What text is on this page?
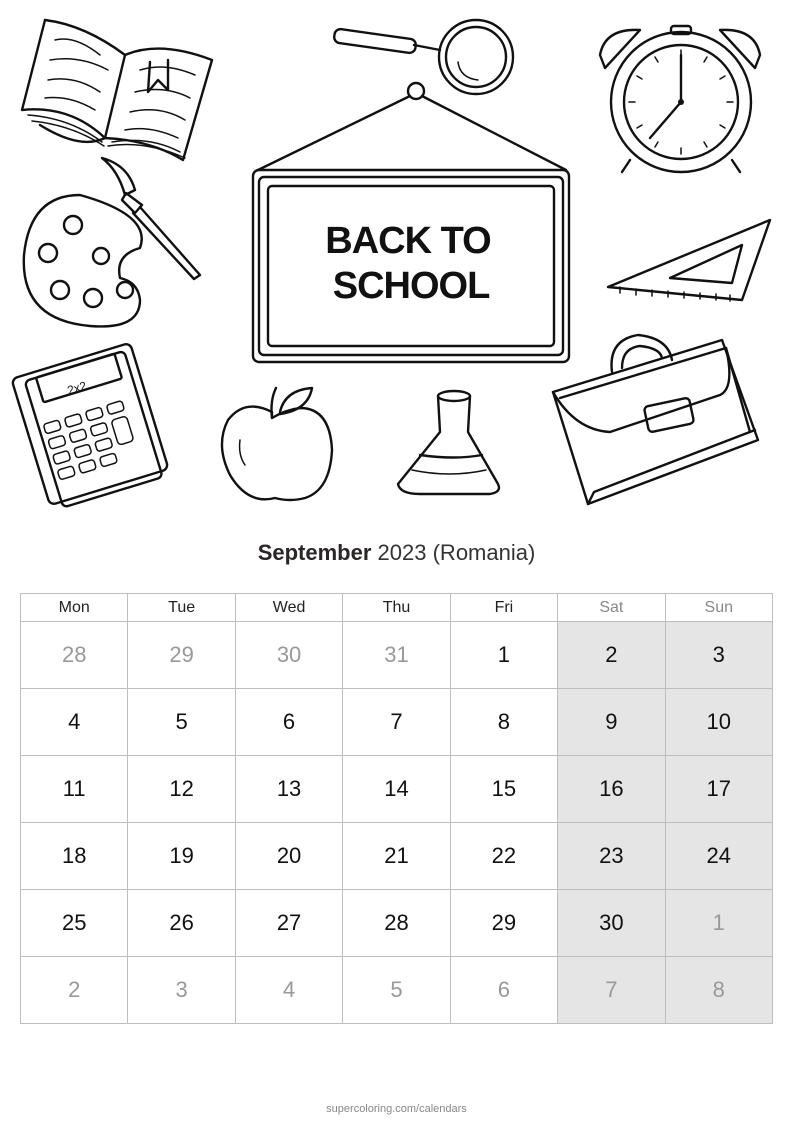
BACK TO
SCHOOL
2x2
September 2023 (Romania)
Mon	Tue	Wed	Thu	Fri	Sat	Sun
28	29	30	31	1	2	3
4	5	6	7	8	9	10
11	12	13	14	15	16	17
18	19	20	21	22	23	24
25	26	27	28	29	30	1
2	3	4	5	6	7	8
supercoloring.com/calendars
